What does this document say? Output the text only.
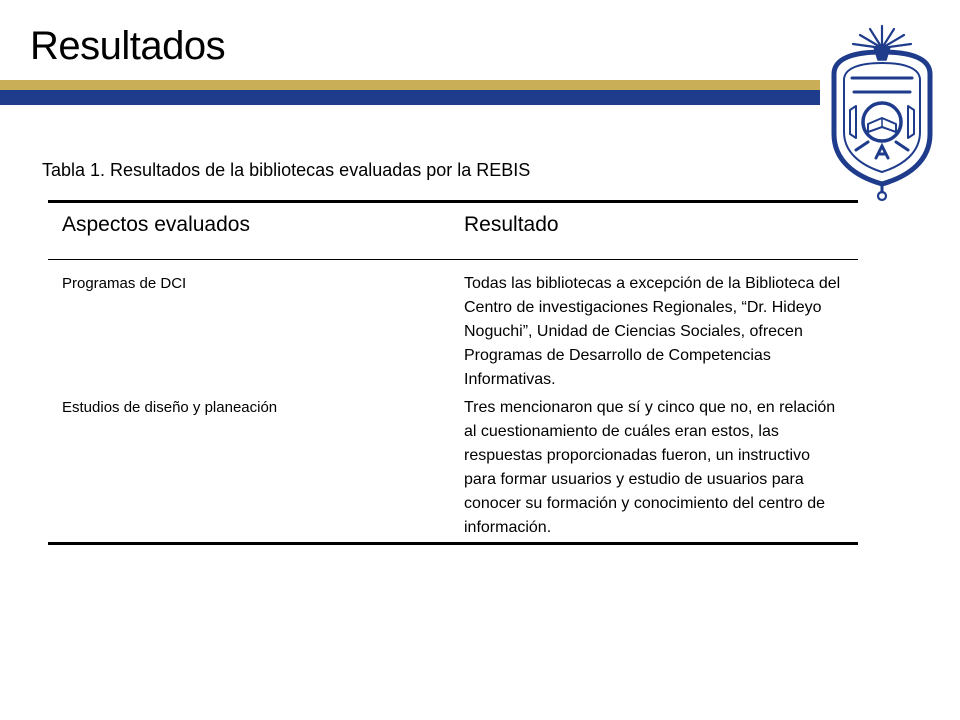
Resultados
Tabla 1. Resultados de la bibliotecas evaluadas por la REBIS
Aspectos evaluados	Resultado
Programas de DCI	Todas las bibliotecas a excepción de la Biblioteca del Centro de investigaciones Regionales, “Dr. Hideyo Noguchi”, Unidad de Ciencias Sociales, ofrecen Programas de Desarrollo de Competencias Informativas.
Estudios de diseño y planeación	Tres mencionaron que sí y cinco que no, en relación al cuestionamiento de cuáles eran estos, las respuestas proporcionadas fueron, un instructivo para formar usuarios y estudio de usuarios para conocer su formación y conocimiento del centro de información.
